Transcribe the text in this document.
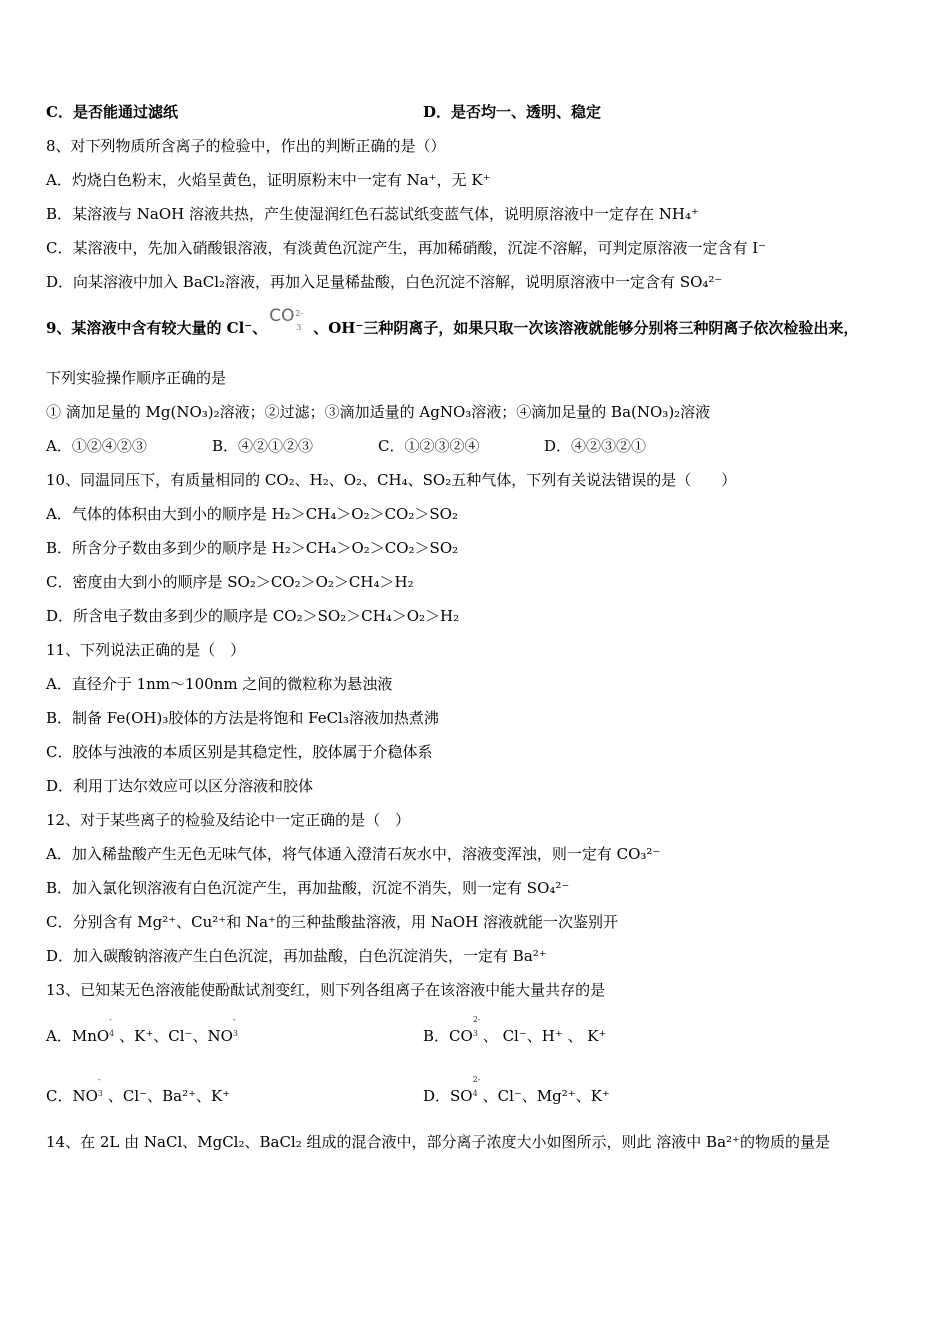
C．是否能通过滤纸	D．是否均一、透明、稳定
8、对下列物质所含离子的检验中，作出的判断正确的是（）
A．灼烧白色粉末，火焰呈黄色，证明原粉末中一定有 Na⁺，无 K⁺
B．某溶液与 NaOH 溶液共热，产生使湿润红色石蕊试纸变蓝气体，说明原溶液中一定存在 NH₄⁺
C．某溶液中，先加入硝酸银溶液，有淡黄色沉淀产生，再加稀硝酸，沉淀不溶解，可判定原溶液一定含有 I⁻
D．向某溶液中加入 BaCl₂溶液，再加入足量稀盐酸，白色沉淀不溶解，说明原溶液中一定含有 SO₄²⁻
9、某溶液中含有较大量的 Cl⁻、
CO 2-
3 、OH⁻三种阴离子，如果只取一次该溶液就能够分别将三种阴离子依次检验出来，
下列实验操作顺序正确的是
① 滴加足量的 Mg(NO₃)₂溶液；②过滤；③滴加适量的 AgNO₃溶液；④滴加足量的 Ba(NO₃)₂溶液
A．①②④②③	B．④②①②③	C．①②③②④	D．④②③②①
10、同温同压下，有质量相同的 CO₂、H₂、O₂、CH₄、SO₂五种气体，下列有关说法错误的是（　　）
A．气体的体积由大到小的顺序是 H₂＞CH₄＞O₂＞CO₂＞SO₂
B．所含分子数由多到少的顺序是 H₂＞CH₄＞O₂＞CO₂＞SO₂
C．密度由大到小的顺序是 SO₂＞CO₂＞O₂＞CH₄＞H₂
D．所含电子数由多到少的顺序是 CO₂＞SO₂＞CH₄＞O₂＞H₂
11、下列说法正确的是（　）
A．直径介于 1nm～100nm 之间的微粒称为悬浊液
B．制备 Fe(OH)₃胶体的方法是将饱和 FeCl₃溶液加热煮沸
C．胶体与浊液的本质区别是其稳定性，胶体属于介稳体系
D．利用丁达尔效应可以区分溶液和胶体
12、对于某些离子的检验及结论中一定正确的是（　）
A．加入稀盐酸产生无色无味气体，将气体通入澄清石灰水中，溶液变浑浊，则一定有 CO₃²⁻
B．加入氯化钡溶液有白色沉淀产生，再加盐酸，沉淀不消失，则一定有 SO₄²⁻
C．分别含有 Mg²⁺、Cu²⁺和 Na⁺的三种盐酸盐溶液，用 NaOH 溶液就能一次鉴别开
D．加入碳酸钠溶液产生白色沉淀，再加盐酸，白色沉淀消失，一定有 Ba²⁺
13、已知某无色溶液能使酚酞试剂变红，则下列各组离子在该溶液中能大量共存的是
A．MnO
-
4 、K⁺、Cl⁻、NO
-
3	B．CO
2-
3 、 Cl⁻、H⁺ 、 K⁺
C．NO
-
3 、Cl⁻、Ba²⁺、K⁺	D．SO
2-
4 、Cl⁻、Mg²⁺、K⁺
14、在 2L 由 NaCl、MgCl₂、BaCl₂ 组成的混合液中，部分离子浓度大小如图所示，则此 溶液中 Ba²⁺的物质的量是
